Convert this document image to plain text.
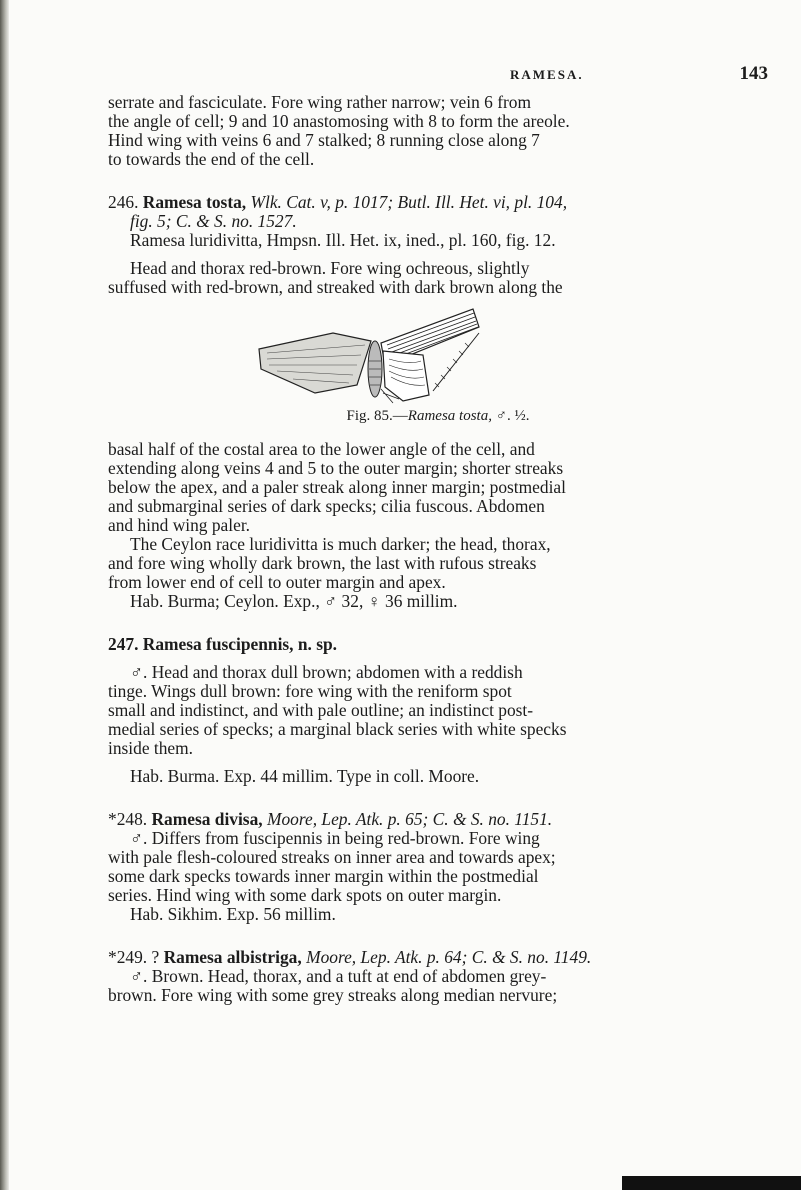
RAMESA.	143

serrate and fasciculate. Fore wing rather narrow; vein 6 from
the angle of cell; 9 and 10 anastomosing with 8 to form the areole.
Hind wing with veins 6 and 7 stalked; 8 running close along 7
to towards the end of the cell.

246. Ramesa tosta, Wlk. Cat. v, p. 1017; Butl. Ill. Het. vi, pl. 104,
fig. 5; C. & S. no. 1527.
Ramesa luridivitta, Hmpsn. Ill. Het. ix, ined., pl. 160, fig. 12.
Head and thorax red-brown. Fore wing ochreous, slightly
suffused with red-brown, and streaked with dark brown along the
Fig. 85.—Ramesa tosta, ♂. ½.
basal half of the costal area to the lower angle of the cell, and
extending along veins 4 and 5 to the outer margin; shorter streaks
below the apex, and a paler streak along inner margin; postmedial
and submarginal series of dark specks; cilia fuscous. Abdomen
and hind wing paler.
The Ceylon race luridivitta is much darker; the head, thorax,
and fore wing wholly dark brown, the last with rufous streaks
from lower end of cell to outer margin and apex.
Hab. Burma; Ceylon. Exp., ♂ 32, ♀ 36 millim.
247. Ramesa fuscipennis, n. sp.
♂. Head and thorax dull brown; abdomen with a reddish
tinge. Wings dull brown: fore wing with the reniform spot
small and indistinct, and with pale outline; an indistinct post-
medial series of specks; a marginal black series with white specks
inside them.
Hab. Burma. Exp. 44 millim. Type in coll. Moore.
*248. Ramesa divisa, Moore, Lep. Atk. p. 65; C. & S. no. 1151.
♂. Differs from fuscipennis in being red-brown. Fore wing
with pale flesh-coloured streaks on inner area and towards apex;
some dark specks towards inner margin within the postmedial
series. Hind wing with some dark spots on outer margin.
Hab. Sikhim. Exp. 56 millim.
*249. ? Ramesa albistriga, Moore, Lep. Atk. p. 64; C. & S. no. 1149.
♂. Brown. Head, thorax, and a tuft at end of abdomen grey-
brown. Fore wing with some grey streaks along median nervure;
